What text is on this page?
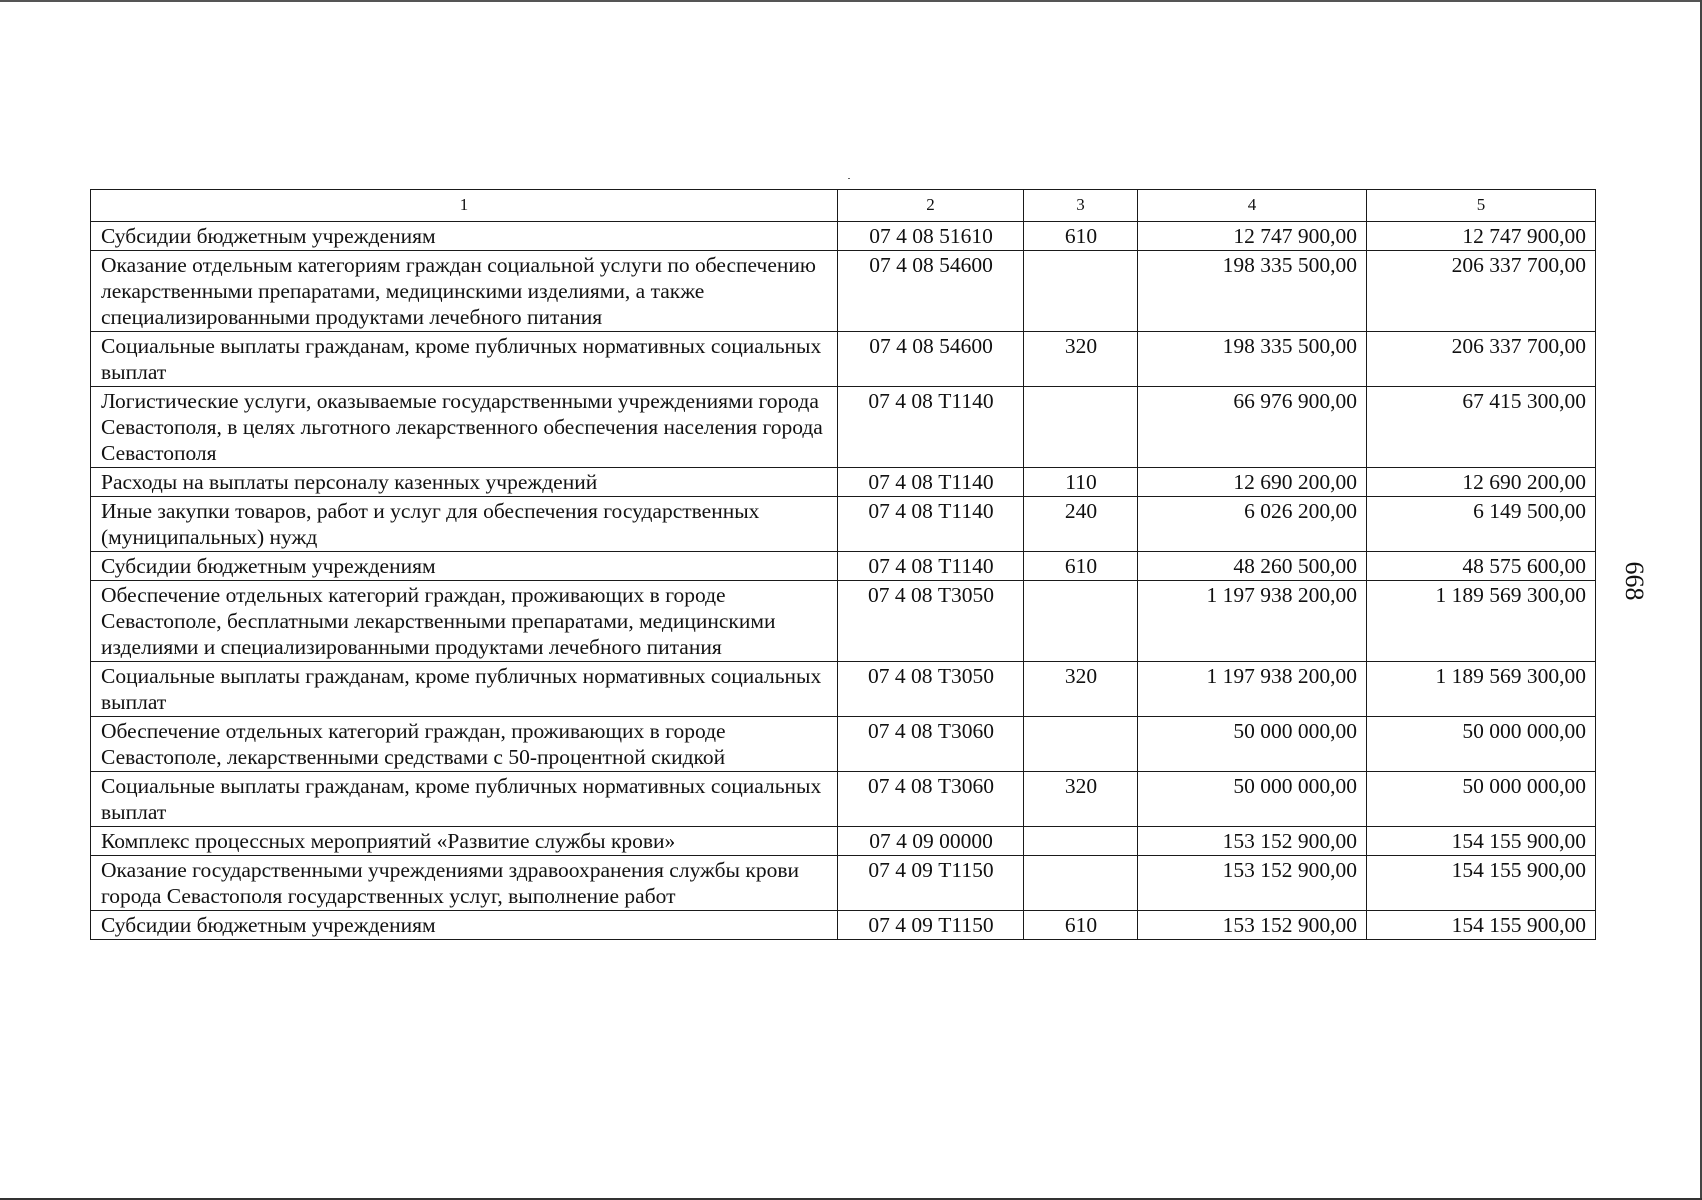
1	2	3	4	5
Субсидии бюджетным учреждениям	07 4 08 51610	610	12 747 900,00	12 747 900,00
Оказание отдельным категориям граждан социальной услуги по обеспечению лекарственными препаратами, медицинскими изделиями, а также специализированными продуктами лечебного питания	07 4 08 54600		198 335 500,00	206 337 700,00
Социальные выплаты гражданам, кроме публичных нормативных социальных выплат	07 4 08 54600	320	198 335 500,00	206 337 700,00
Логистические услуги, оказываемые государственными учреждениями города Севастополя, в целях льготного лекарственного обеспечения населения города Севастополя	07 4 08 Т1140		66 976 900,00	67 415 300,00
Расходы на выплаты персоналу казенных учреждений	07 4 08 Т1140	110	12 690 200,00	12 690 200,00
Иные закупки товаров, работ и услуг для обеспечения государственных (муниципальных) нужд	07 4 08 Т1140	240	6 026 200,00	6 149 500,00
Субсидии бюджетным учреждениям	07 4 08 Т1140	610	48 260 500,00	48 575 600,00
Обеспечение отдельных категорий граждан, проживающих в городе Севастополе, бесплатными лекарственными препаратами, медицинскими изделиями и специализированными продуктами лечебного питания	07 4 08 Т3050		1 197 938 200,00	1 189 569 300,00
Социальные выплаты гражданам, кроме публичных нормативных социальных выплат	07 4 08 Т3050	320	1 197 938 200,00	1 189 569 300,00
Обеспечение отдельных категорий граждан, проживающих в городе Севастополе, лекарственными средствами с 50-процентной скидкой	07 4 08 Т3060		50 000 000,00	50 000 000,00
Социальные выплаты гражданам, кроме публичных нормативных социальных выплат	07 4 08 Т3060	320	50 000 000,00	50 000 000,00
Комплекс процессных мероприятий «Развитие службы крови»	07 4 09 00000		153 152 900,00	154 155 900,00
Оказание государственными учреждениями здравоохранения службы крови города Севастополя государственных услуг, выполнение работ	07 4 09 Т1150		153 152 900,00	154 155 900,00
Субсидии бюджетным учреждениям	07 4 09 Т1150	610	153 152 900,00	154 155 900,00
668
